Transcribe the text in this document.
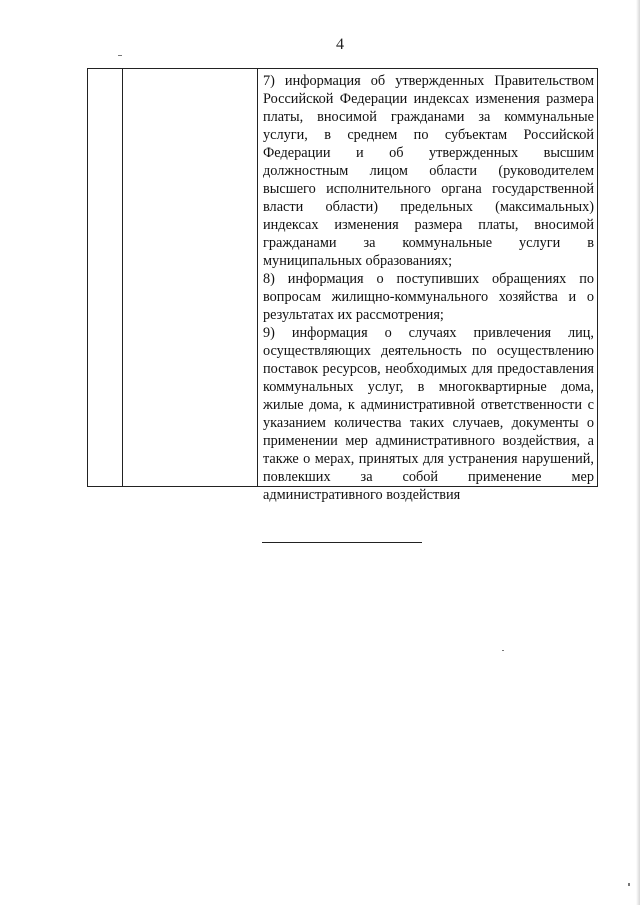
4

7) информация об утвержденных Правительством Российской Федерации индексах изменения размера платы, вносимой гражданами за коммунальные услуги, в среднем по субъектам Российской Федерации и об утвержденных высшим должностным лицом области (руководителем высшего исполнительного органа государственной власти области) предельных (максимальных) индексах изменения размера платы, вносимой гражданами за коммунальные услуги в муниципальных образованиях;

8) информация о поступивших обращениях по вопросам жилищно-коммунального хозяйства и о результатах их рассмотрения;

9) информация о случаях привлечения лиц, осуществляющих деятельность по осуществлению поставок ресурсов, необходимых для предоставления коммунальных услуг, в многоквартирные дома, жилые дома, к административной ответственности с указанием количества таких случаев, документы о применении мер административного воздействия, а также о мерах, принятых для устранения нарушений, повлекших за собой применение мер административного воздействия
